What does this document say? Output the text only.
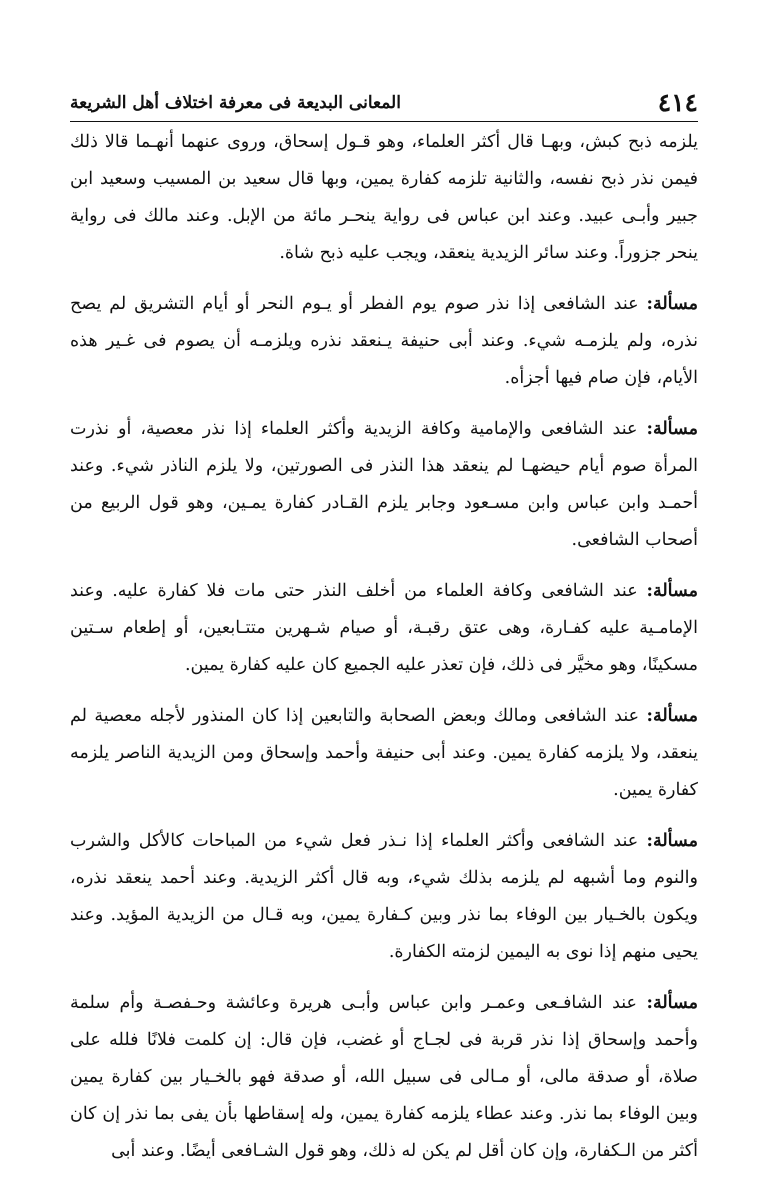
٤١٤
المعانى البديعة فى معرفة اختلاف أهل الشريعة

يلزمه ذبح كبش، وبهـا قال أكثر العلماء، وهو قـول إسحاق، وروى عنهما أنهـما قالا ذلك فيمن نذر ذبح نفسه، والثانية تلزمه كفارة يمين، وبها قال سعيد بن المسيب وسعيد ابن جبير وأبـى عبيد. وعند ابن عباس فى رواية ينحـر مائة من الإبل. وعند مالك فى رواية ينحر جزوراً. وعند سائر الزيدية ينعقد، ويجب عليه ذبح شاة.

مسألة: عند الشافعى إذا نذر صوم يوم الفطر أو يـوم النحر أو أيام التشريق لم يصح نذره، ولم يلزمـه شيء. وعند أبى حنيفة يـنعقد نذره ويلزمـه أن يصوم فى غـير هذه الأيام، فإن صام فيها أجزأه.

مسألة: عند الشافعى والإمامية وكافة الزيدية وأكثر العلماء إذا نذر معصية، أو نذرت المرأة صوم أيام حيضهـا لم ينعقد هذا النذر فى الصورتين، ولا يلزم الناذر شيء. وعند أحمـد وابن عباس وابن مسـعود وجابر يلزم القـادر كفارة يمـين، وهو قول الربيع من أصحاب الشافعى.

مسألة: عند الشافعى وكافة العلماء من أخلف النذر حتى مات فلا كفارة عليه. وعند الإمامـية عليه كفـارة، وهى عتق رقبـة، أو صيام شـهرين متتـابعين، أو إطعام سـتين مسكينًا، وهو مخيَّر فى ذلك، فإن تعذر عليه الجميع كان عليه كفارة يمين.

مسألة: عند الشافعى ومالك وبعض الصحابة والتابعين إذا كان المنذور لأجله معصية لم ينعقد، ولا يلزمه كفارة يمين. وعند أبى حنيفة وأحمد وإسحاق ومن الزيدية الناصر يلزمه كفارة يمين.

مسألة: عند الشافعى وأكثر العلماء إذا نـذر فعل شيء من المباحات كالأكل والشرب والنوم وما أشبهه لم يلزمه بذلك شيء، وبه قال أكثر الزيدية. وعند أحمد ينعقد نذره، ويكون بالخـيار بين الوفاء بما نذر وبين كـفارة يمين، وبه قـال من الزيدية المؤيد. وعند يحيى منهم إذا نوى به اليمين لزمته الكفارة.

مسألة: عند الشافـعى وعمـر وابن عباس وأبـى هريرة وعائشة وحـفصـة وأم سلمة وأحمد وإسحاق إذا نذر قربة فى لجـاج أو غضب، فإن قال: إن كلمت فلانًا فلله على صلاة، أو صدقة مالى، أو مـالى فى سبيل الله، أو صدقة فهو بالخـيار بين كفارة يمين وبين الوفاء بما نذر. وعند عطاء يلزمه كفارة يمين، وله إسقاطها بأن يفى بما نذر إن كان أكثر من الـكفارة، وإن كان أقل لم يكن له ذلك، وهو قول الشـافعى أيضًا. وعند أبى
